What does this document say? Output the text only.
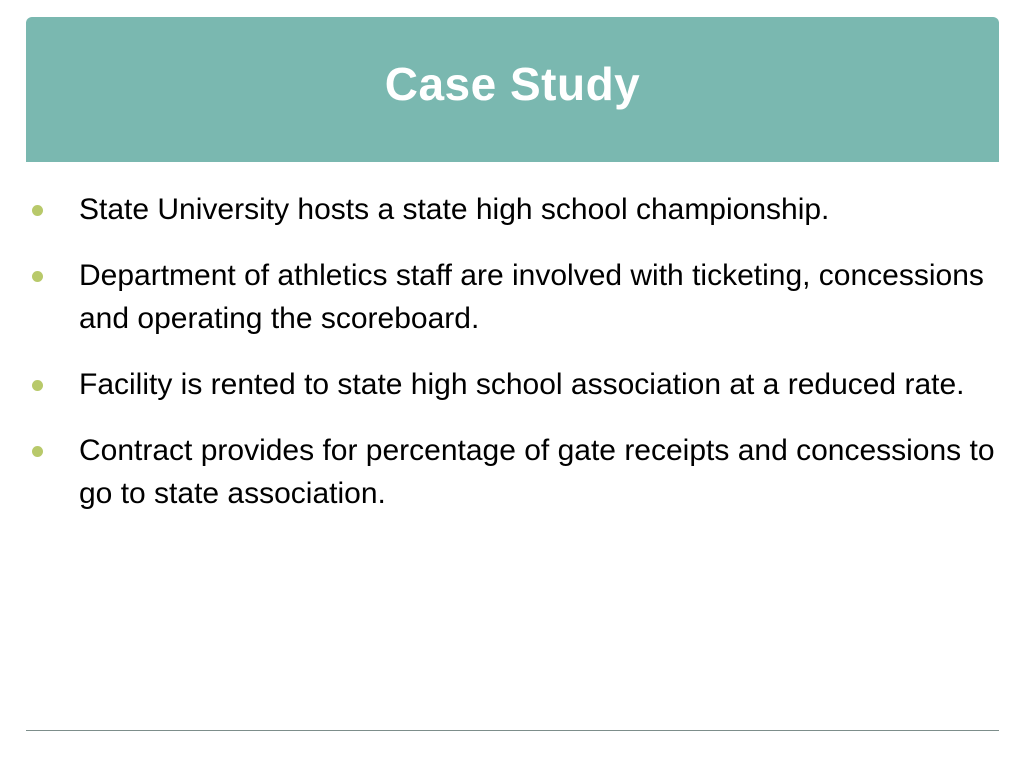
Case Study
State University hosts a state high school championship.
Department of athletics staff are involved with ticketing, concessions and operating the scoreboard.
Facility is rented to state high school association at a reduced rate.
Contract provides for percentage of gate receipts and concessions to go to state association.
